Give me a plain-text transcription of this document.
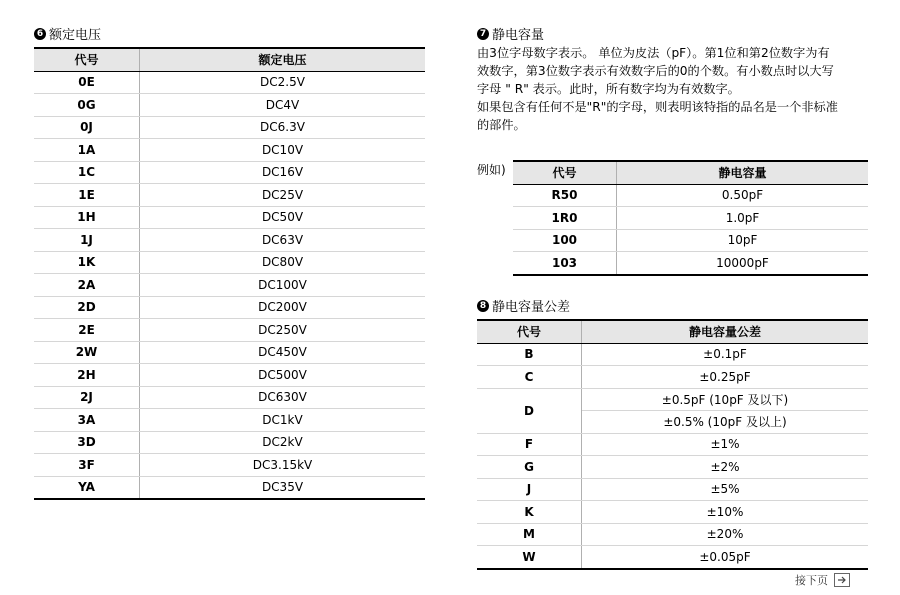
6 额定电压
代号	额定电压
0E	DC2.5V
0G	DC4V
0J	DC6.3V
1A	DC10V
1C	DC16V
1E	DC25V
1H	DC50V
1J	DC63V
1K	DC80V
2A	DC100V
2D	DC200V
2E	DC250V
2W	DC450V
2H	DC500V
2J	DC630V
3A	DC1kV
3D	DC2kV
3F	DC3.15kV
YA	DC35V
7 静电容量
由3位字母数字表示。 单位为皮法（pF）。第1位和第2位数字为有
效数字，第3位数字表示有效数字后的0的个数。有小数点时以大写
字母 " R" 表示。此时，所有数字均为有效数字。
如果包含有任何不是"R"的字母，则表明该特指的品名是一个非标准
的部件。
例如)	代号	静电容量
R50	0.50pF
1R0	1.0pF
100	10pF
103	10000pF
8 静电容量公差
代号	静电容量公差
B	±0.1pF
C	±0.25pF
D	±0.5pF (10pF 及以下)
	±0.5% (10pF 及以上)
F	±1%
G	±2%
J	±5%
K	±10%
M	±20%
W	±0.05pF
接下页
